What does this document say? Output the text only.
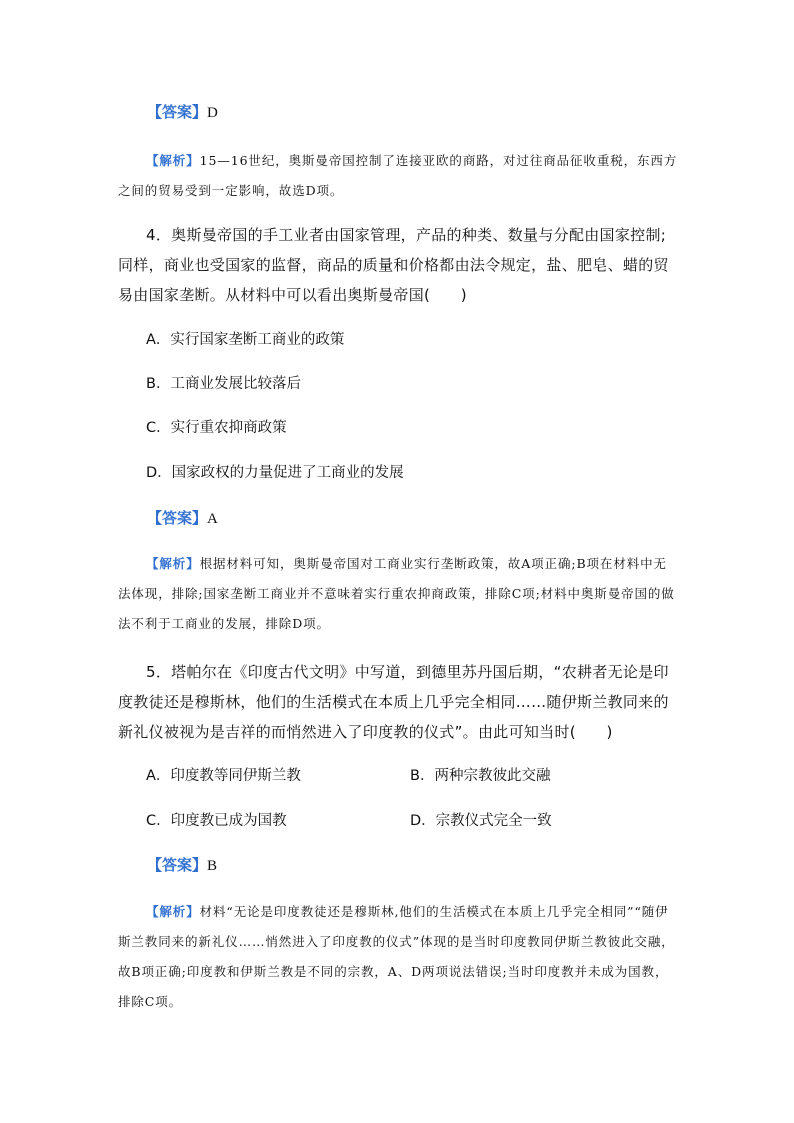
【答案】D

【解析】15—16世纪，奥斯曼帝国控制了连接亚欧的商路，对过往商品征收重税，东西方之间的贸易受到一定影响，故选D项。

4．奥斯曼帝国的手工业者由国家管理，产品的种类、数量与分配由国家控制;同样，商业也受国家的监督，商品的质量和价格都由法令规定，盐、肥皂、蜡的贸易由国家垄断。从材料中可以看出奥斯曼帝国(　　)

A．实行国家垄断工商业的政策
B．工商业发展比较落后
C．实行重农抑商政策
D．国家政权的力量促进了工商业的发展
【答案】A

【解析】根据材料可知，奥斯曼帝国对工商业实行垄断政策，故A项正确;B项在材料中无法体现，排除;国家垄断工商业并不意味着实行重农抑商政策，排除C项;材料中奥斯曼帝国的做法不利于工商业的发展，排除D项。

5．塔帕尔在《印度古代文明》中写道，到德里苏丹国后期，“农耕者无论是印度教徒还是穆斯林，他们的生活模式在本质上几乎完全相同……随伊斯兰教同来的新礼仪被视为是吉祥的而悄然进入了印度教的仪式”。由此可知当时(　　)

A．印度教等同伊斯兰教	B．两种宗教彼此交融
C．印度教已成为国教	D．宗教仪式完全一致
【答案】B

【解析】材料“无论是印度教徒还是穆斯林,他们的生活模式在本质上几乎完全相同”“随伊斯兰教同来的新礼仪……悄然进入了印度教的仪式”体现的是当时印度教同伊斯兰教彼此交融，故B项正确;印度教和伊斯兰教是不同的宗教，A、D两项说法错误;当时印度教并未成为国教，排除C项。
